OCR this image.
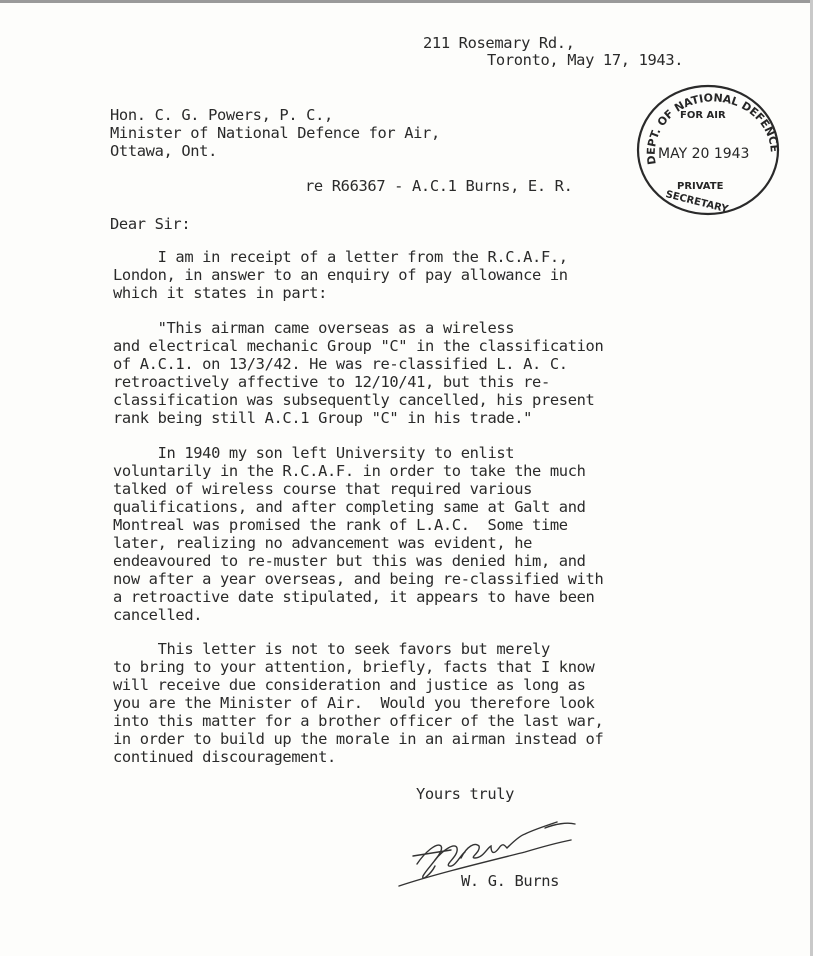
211 Rosemary Rd.,
Toronto, May 17, 1943.
Hon. C. G. Powers, P. C.,
Minister of National Defence for Air,
Ottawa, Ont.
DEPT. OF NATIONAL DEFENCE
FOR AIR
MAY 20 1943
PRIVATE
SECRETARY
re R66367 - A.C.1 Burns, E. R.
Dear Sir:
I am in receipt of a letter from the R.C.A.F.,
London, in answer to an enquiry of pay allowance in
which it states in part:
"This airman came overseas as a wireless
and electrical mechanic Group "C" in the classification
of A.C.1. on 13/3/42. He was re-classified L. A. C.
retroactively affective to 12/10/41, but this re-
classification was subsequently cancelled, his present
rank being still A.C.1 Group "C" in his trade."
In 1940 my son left University to enlist
voluntarily in the R.C.A.F. in order to take the much
talked of wireless course that required various
qualifications, and after completing same at Galt and
Montreal was promised the rank of L.A.C.  Some time
later, realizing no advancement was evident, he
endeavoured to re-muster but this was denied him, and
now after a year overseas, and being re-classified with
a retroactive date stipulated, it appears to have been
cancelled.
This letter is not to seek favors but merely
to bring to your attention, briefly, facts that I know
will receive due consideration and justice as long as
you are the Minister of Air.  Would you therefore look
into this matter for a brother officer of the last war,
in order to build up the morale in an airman instead of
continued discouragement.
Yours truly
W. G. Burns
